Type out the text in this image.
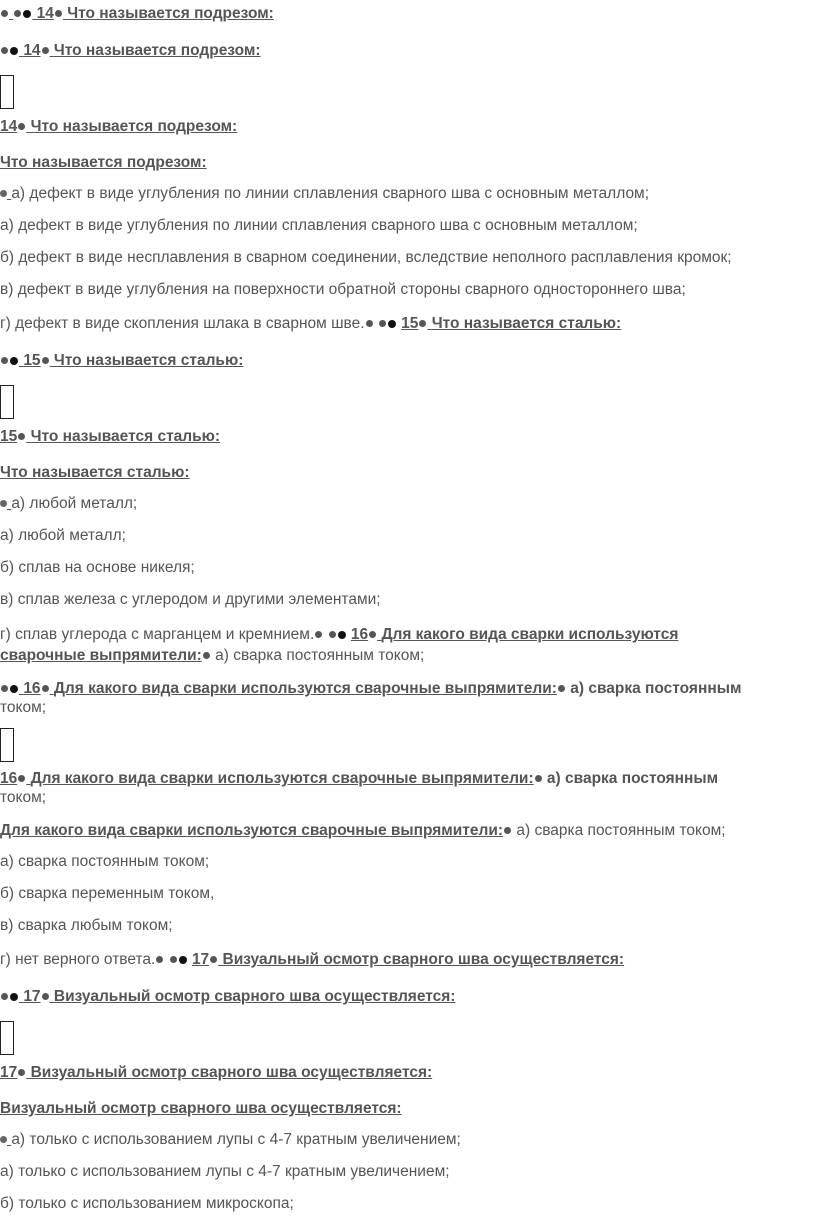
14 Что называется подрезом:
14 Что называется подрезом:
14 Что называется подрезом:
Что называется подрезом:
а) дефект в виде углубления по линии сплавления сварного шва с основным металлом;
а) дефект в виде углубления по линии сплавления сварного шва с основным металлом;
б) дефект в виде несплавления в сварном соединении, вследствие неполного расплавления кромок;
в) дефект в виде углубления на поверхности обратной стороны сварного одностороннего шва;
г) дефект в виде скопления шлака в сварном шве. 15 Что называется сталью:
15 Что называется сталью:
15 Что называется сталью:
Что называется сталью:
а) любой металл;
а) любой металл;
б) сплав на основе никеля;
в) сплав железа с углеродом и другими элементами;
г) сплав углерода с марганцем и кремнием. 16 Для какого вида сварки используются
сварочные выпрямители: а) сварка постоянным током;
16 Для какого вида сварки используются сварочные выпрямители: а) сварка постоянным
током;
16 Для какого вида сварки используются сварочные выпрямители: а) сварка постоянным
током;
Для какого вида сварки используются сварочные выпрямители: а) сварка постоянным током;
а) сварка постоянным током;
б) сварка переменным током,
в) сварка любым током;
г) нет верного ответа. 17 Визуальный осмотр сварного шва осуществляется:
17 Визуальный осмотр сварного шва осуществляется:
17 Визуальный осмотр сварного шва осуществляется:
Визуальный осмотр сварного шва осуществляется:
а) только с использованием лупы с 4-7 кратным увеличением;
а) только с использованием лупы с 4-7 кратным увеличением;
б) только с использованием микроскопа;
